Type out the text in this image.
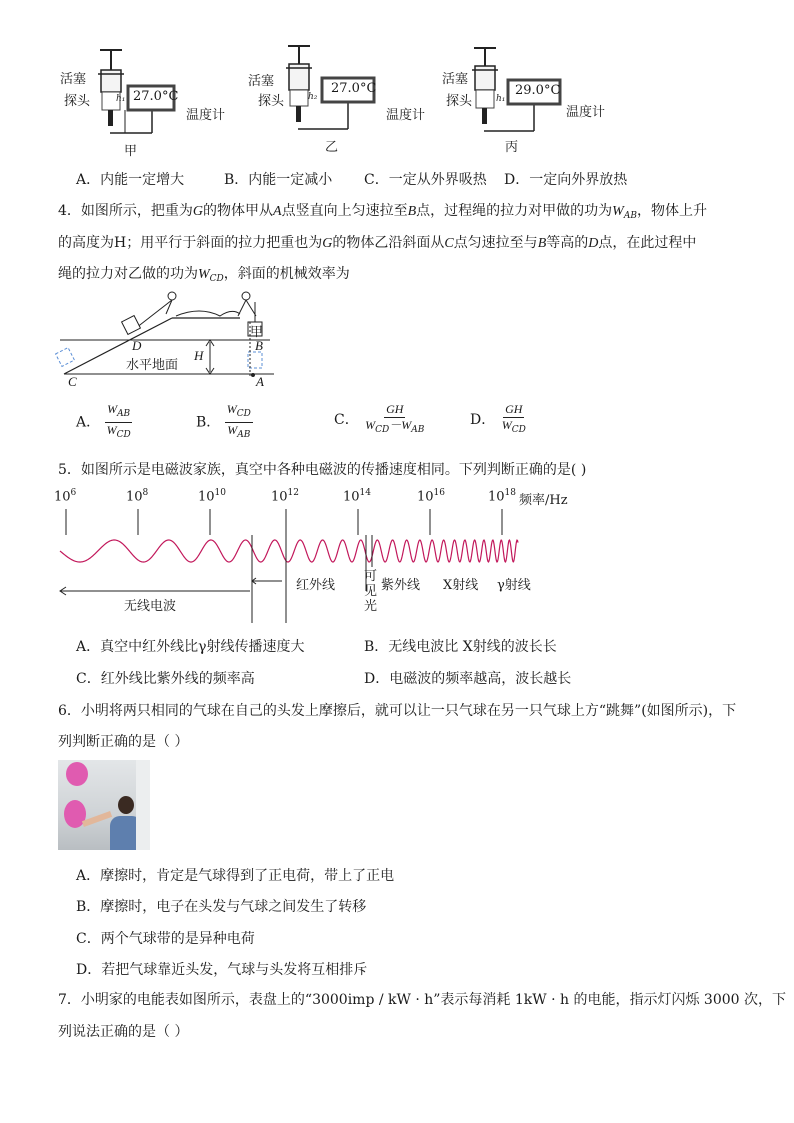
活塞
探头	h₁ 27.0°C
温度计
甲
活塞
探头	h₂
27.0°C
温度计
乙
活塞
探头	h₁
29.0°C
温度计
丙
A．内能一定增大	B．内能一定减小 C．一定从外界吸热 D．一定向外界放热
4．如图所示，把重为G的物体甲从A点竖直向上匀速拉至B点，过程绳的拉力对甲做的功为$W_{AB}$，物体上升
的高度为H；用平行于斜面的拉力把重也为G的物体乙沿斜面从C点匀速拉至与B等高的D点，在此过程中
绳的拉力对乙做的功为$W_{CD}$，斜面的机械效率为
甲
D	B
水平地面
H
C	A
A． $\frac{W_{AB}}{W_{CD}}$	B． $\frac{W_{CD}}{W_{AB}}$	C． $\frac{GH}{W_{CD}-W_{AB}}$	D． $\frac{GH}{W_{CD}}$
5．如图所示是电磁波家族，真空中各种电磁波的传播速度相同。下列判断正确的是( )
$10^6$	$10^8$	$10^{10}$	$10^{12}$	$10^{14}$	$10^{16}$	$10^{18}$ 频率/Hz
红外线
可见光
紫外线 X射线 γ射线
无线电波
A．真空中红外线比γ射线传播速度大	B．无线电波比 X射线的波长长
C．红外线比紫外线的频率高	D．电磁波的频率越高，波长越长
6．小明将两只相同的气球在自己的头发上摩擦后，就可以让一只气球在另一只气球上方“跳舞”(如图所示)，下
列判断正确的是（ ）
A．摩擦时，肯定是气球得到了正电荷，带上了正电
B．摩擦时，电子在头发与气球之间发生了转移
C．两个气球带的是异种电荷
D．若把气球靠近头发，气球与头发将互相排斥
7．小明家的电能表如图所示，表盘上的“3000imp / kW · h”表示每消耗 1kW · h 的电能，指示灯闪烁 3000 次，下
列说法正确的是（ ）
